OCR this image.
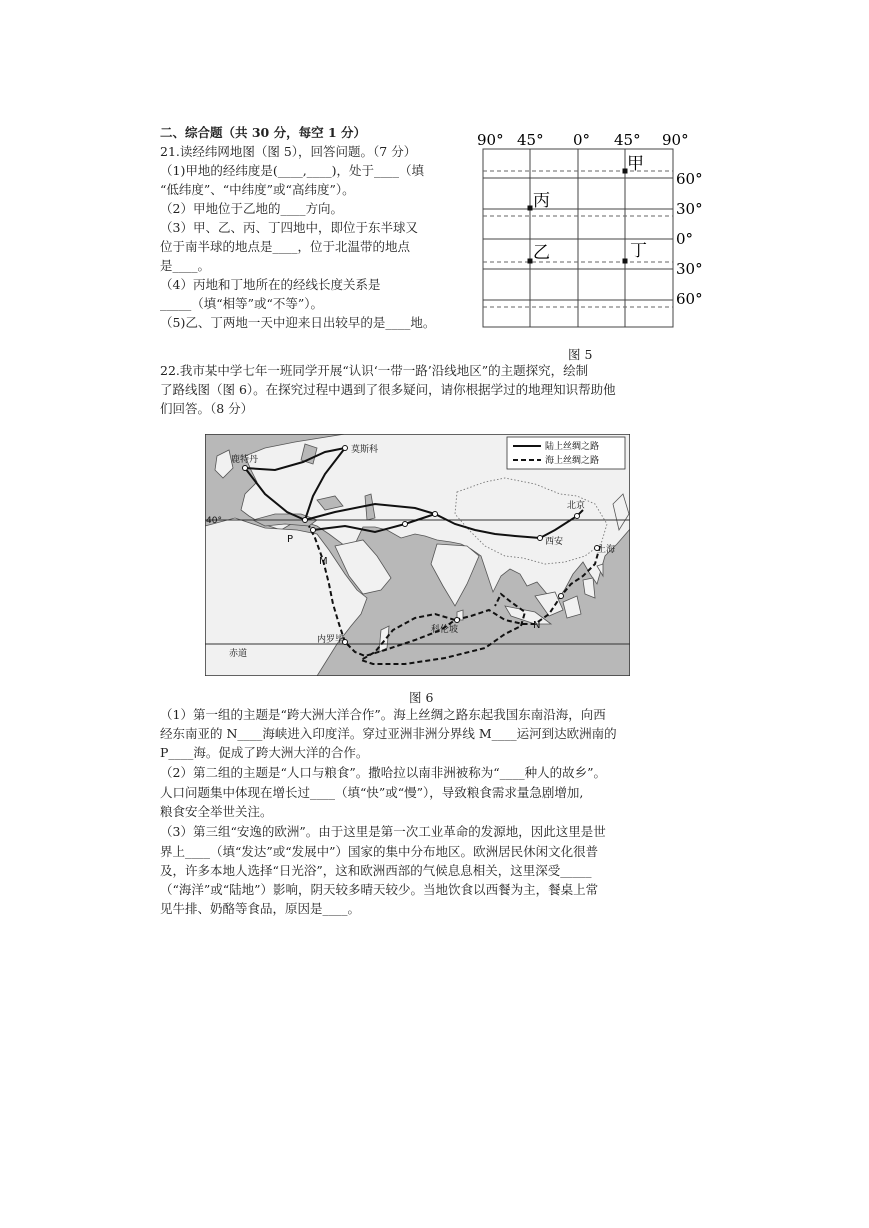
二、综合题（共 30 分，每空 1 分）
21.读经纬网地图（图 5），回答问题。（7 分）
（1)甲地的经纬度是(____,____)，处于____（填
“低纬度”、“中纬度”或“高纬度”）。
（2）甲地位于乙地的____方向。
（3）甲、乙、丙、丁四地中，即位于东半球又
位于南半球的地点是____，位于北温带的地点
是____。
（4）丙地和丁地所在的经线长度关系是
_____（填“相等”或“不等”）。
（5)乙、丁两地一天中迎来日出较早的是____地。
90° 45° 0° 45° 90°
60°
30°
0°
30°
60°
甲
丙
乙	丁
图 5
22.我市某中学七年一班同学开展“认识‘一带一路’沿线地区”的主题探究，绘制
了路线图（图 6）。在探究过程中遇到了很多疑问，请你根据学过的地理知识帮助他
们回答。（8 分）
陆上丝绸之路
海上丝绸之路
鹿特丹
莫斯科
北京
西安
上海
内罗毕
科伦坡
40°
赤道
P
M
N
图 6
（1）第一组的主题是“跨大洲大洋合作”。海上丝绸之路东起我国东南沿海，向西
经东南亚的 N____海峡进入印度洋。穿过亚洲非洲分界线 M____运河到达欧洲南的
P____海。促成了跨大洲大洋的合作。
（2）第二组的主题是“人口与粮食”。撒哈拉以南非洲被称为“____种人的故乡”。
人口问题集中体现在增长过____（填“快”或“慢”），导致粮食需求量急剧增加,
粮食安全举世关注。
（3）第三组“安逸的欧洲”。由于这里是第一次工业革命的发源地，因此这里是世
界上____（填“发达”或“发展中”）国家的集中分布地区。欧洲居民休闲文化很普
及，许多本地人选择“日光浴”，这和欧洲西部的气候息息相关，这里深受_____
（“海洋”或“陆地”）影响，阴天较多晴天较少。当地饮食以西餐为主，餐桌上常
见牛排、奶酪等食品，原因是____。
